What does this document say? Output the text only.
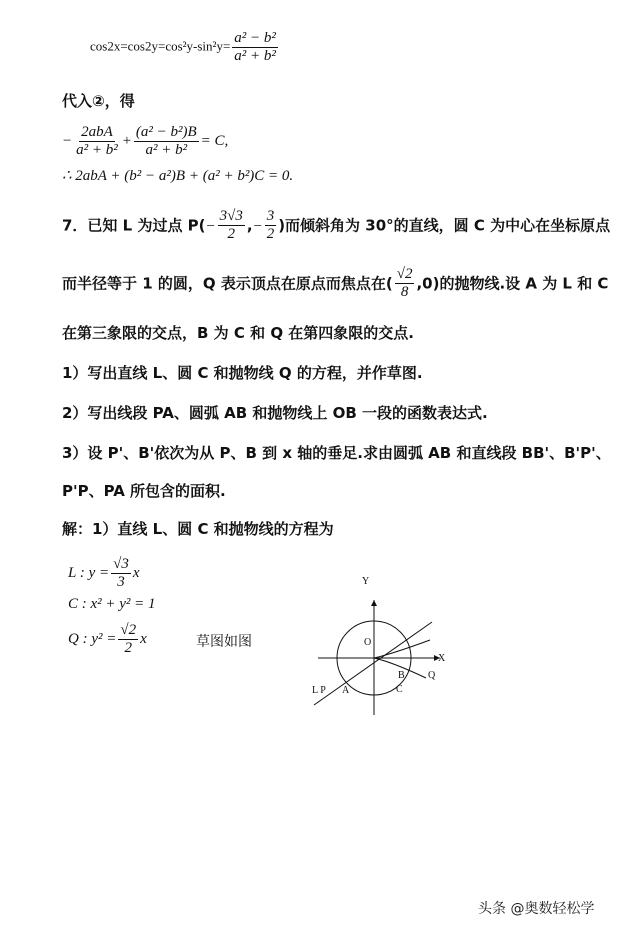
$\cos 2x=\cos 2y=\cos^2y-\sin^2y= \frac{\text{a² − b²}}{\text{a² + b²}}$
代入②，得
− $\frac{\text{2abA}}{\text{a² + b²}} + \frac{\text{(a² − b²)B}}{\text{a² + b²}} = C$,
∴ 2abA + (b² − a²)B + (a² + b²)C = 0.
7．已知 L 为过点 $P(- \frac{3√3}{2}$ ,− $\frac{3}{2}$ )而倾斜角为 30°的直线，圆 C 为中心在坐标原点
而半径等于 1 的圆，Q 表示顶点在原点而焦点在( $\frac{√2}{8} ,0$)的抛物线.设 A 为 L 和 C
在第三象限的交点，B 为 C 和 Q 在第四象限的交点.
1）写出直线 L、圆 C 和抛物线 Q 的方程，并作草图.
2）写出线段 PA、圆弧 AB 和抛物线上 OB 一段的函数表达式.
3）设 P'、B'依次为从 P、B 到 x 轴的垂足.求由圆弧 AB 和直线段 BB'、B'P'、
P'P、PA 所包含的面积.
解：1）直线 L、圆 C 和抛物线的方程为
L : $y = \frac{√3}{3}$ x
C : x² + y² = 1
Q : $y^2 = \frac{√2}{2}$ x	草图如图
Y
X
O
B Q
C
A
L P
头条 @奥数轻松学
